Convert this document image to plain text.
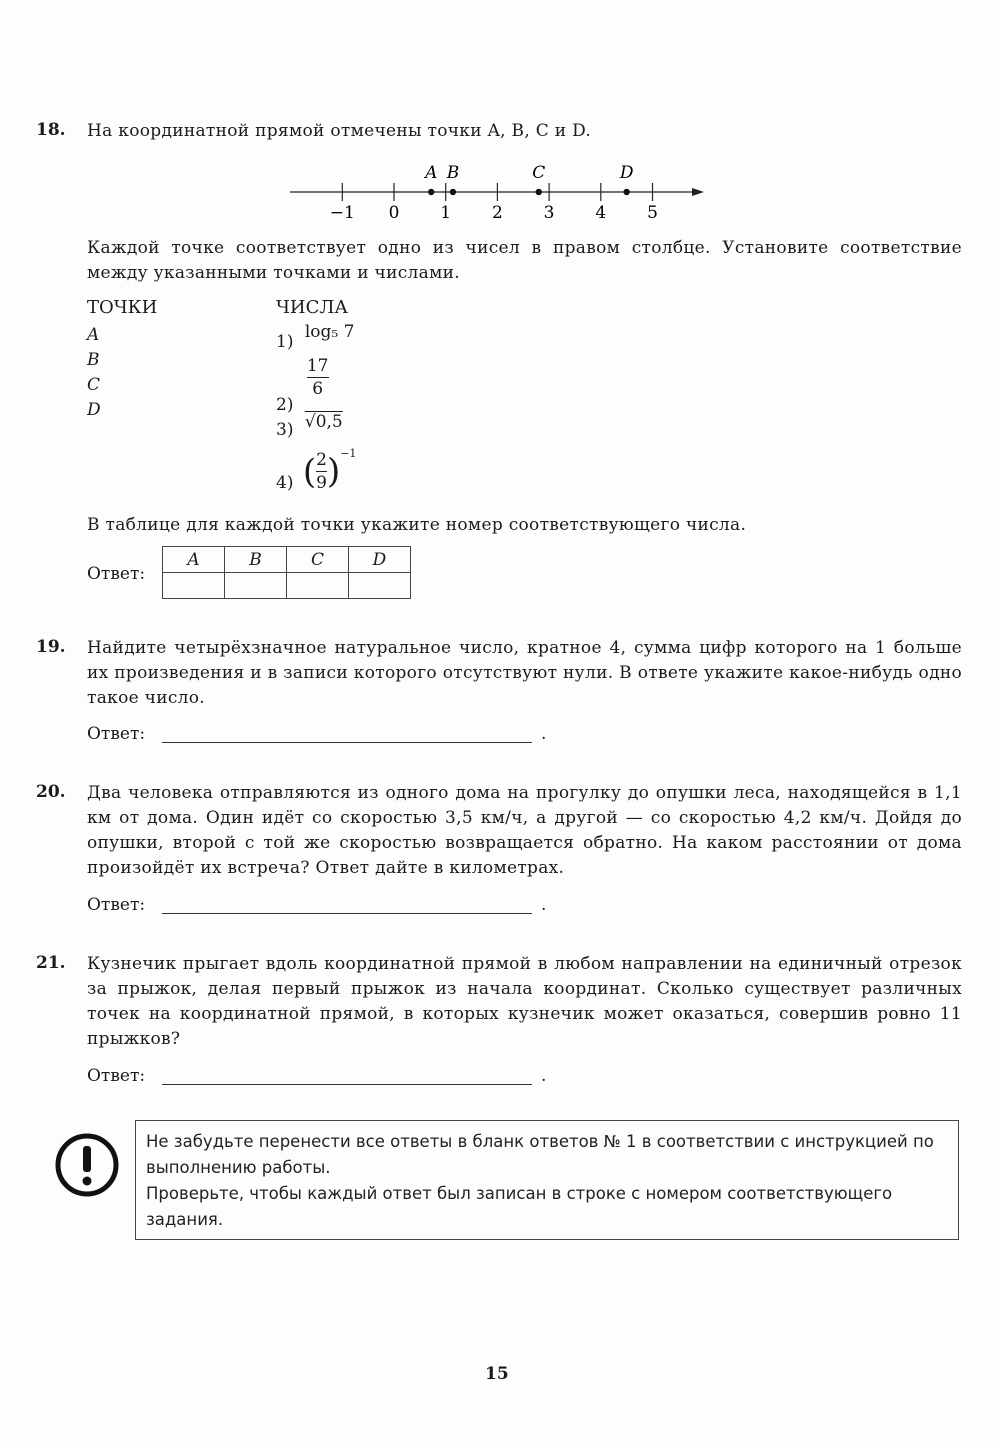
18. На координатной прямой отмечены точки A, B, C и D.
−1 0 1 2 3 4 5
A B	C	D
Каждой точке соответствует одно из чисел в правом столбце. Установите соответствие между указанными точками и числами.
ТОЧКИ
A
B
C
D
ЧИСЛА
1) log₅ 7
2)
$\frac{17}{6}$
3) √0,5
4) ( $\frac{2}{9} )^{-1}$
В таблице для каждой точки укажите номер соответствующего числа.
Ответ:
A	B	C	D

19. Найдите четырёхзначное натуральное число, кратное 4, сумма цифр которого на 1 больше их произведения и в записи которого отсутствуют нули. В ответе укажите какое-нибудь одно такое число.
Ответ:	.
20. Два человека отправляются из одного дома на прогулку до опушки леса, находящейся в 1,1 км от дома. Один идёт со скоростью 3,5 км/ч, а другой — со скоростью 4,2 км/ч. Дойдя до опушки, второй с той же скоростью возвращается обратно. На каком расстоянии от дома произойдёт их встреча? Ответ дайте в километрах.
Ответ:	.
21. Кузнечик прыгает вдоль координатной прямой в любом направлении на единичный отрезок за прыжок, делая первый прыжок из начала координат. Сколько существует различных точек на координатной прямой, в которых кузнечик может оказаться, совершив ровно 11 прыжков?
Ответ:	.
Не забудьте перенести все ответы в бланк ответов № 1 в соответствии с инструкцией по выполнению работы.
Проверьте, чтобы каждый ответ был записан в строке с номером соответствующего задания.
15
